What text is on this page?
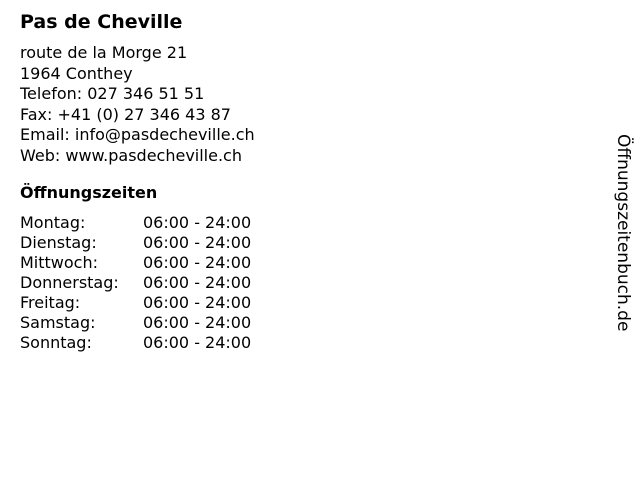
Pas de Cheville
route de la Morge 21
1964 Conthey
Telefon: 027 346 51 51
Fax: +41 (0) 27 346 43 87
Email: info@pasdecheville.ch
Web: www.pasdecheville.ch
Öffnungszeiten
Montag:	06:00 - 24:00
Dienstag:	06:00 - 24:00
Mittwoch:	06:00 - 24:00
Donnerstag: 06:00 - 24:00
Freitag:	06:00 - 24:00
Samstag:	06:00 - 24:00
Sonntag:	06:00 - 24:00
Öffnungszeitenbuch.de
